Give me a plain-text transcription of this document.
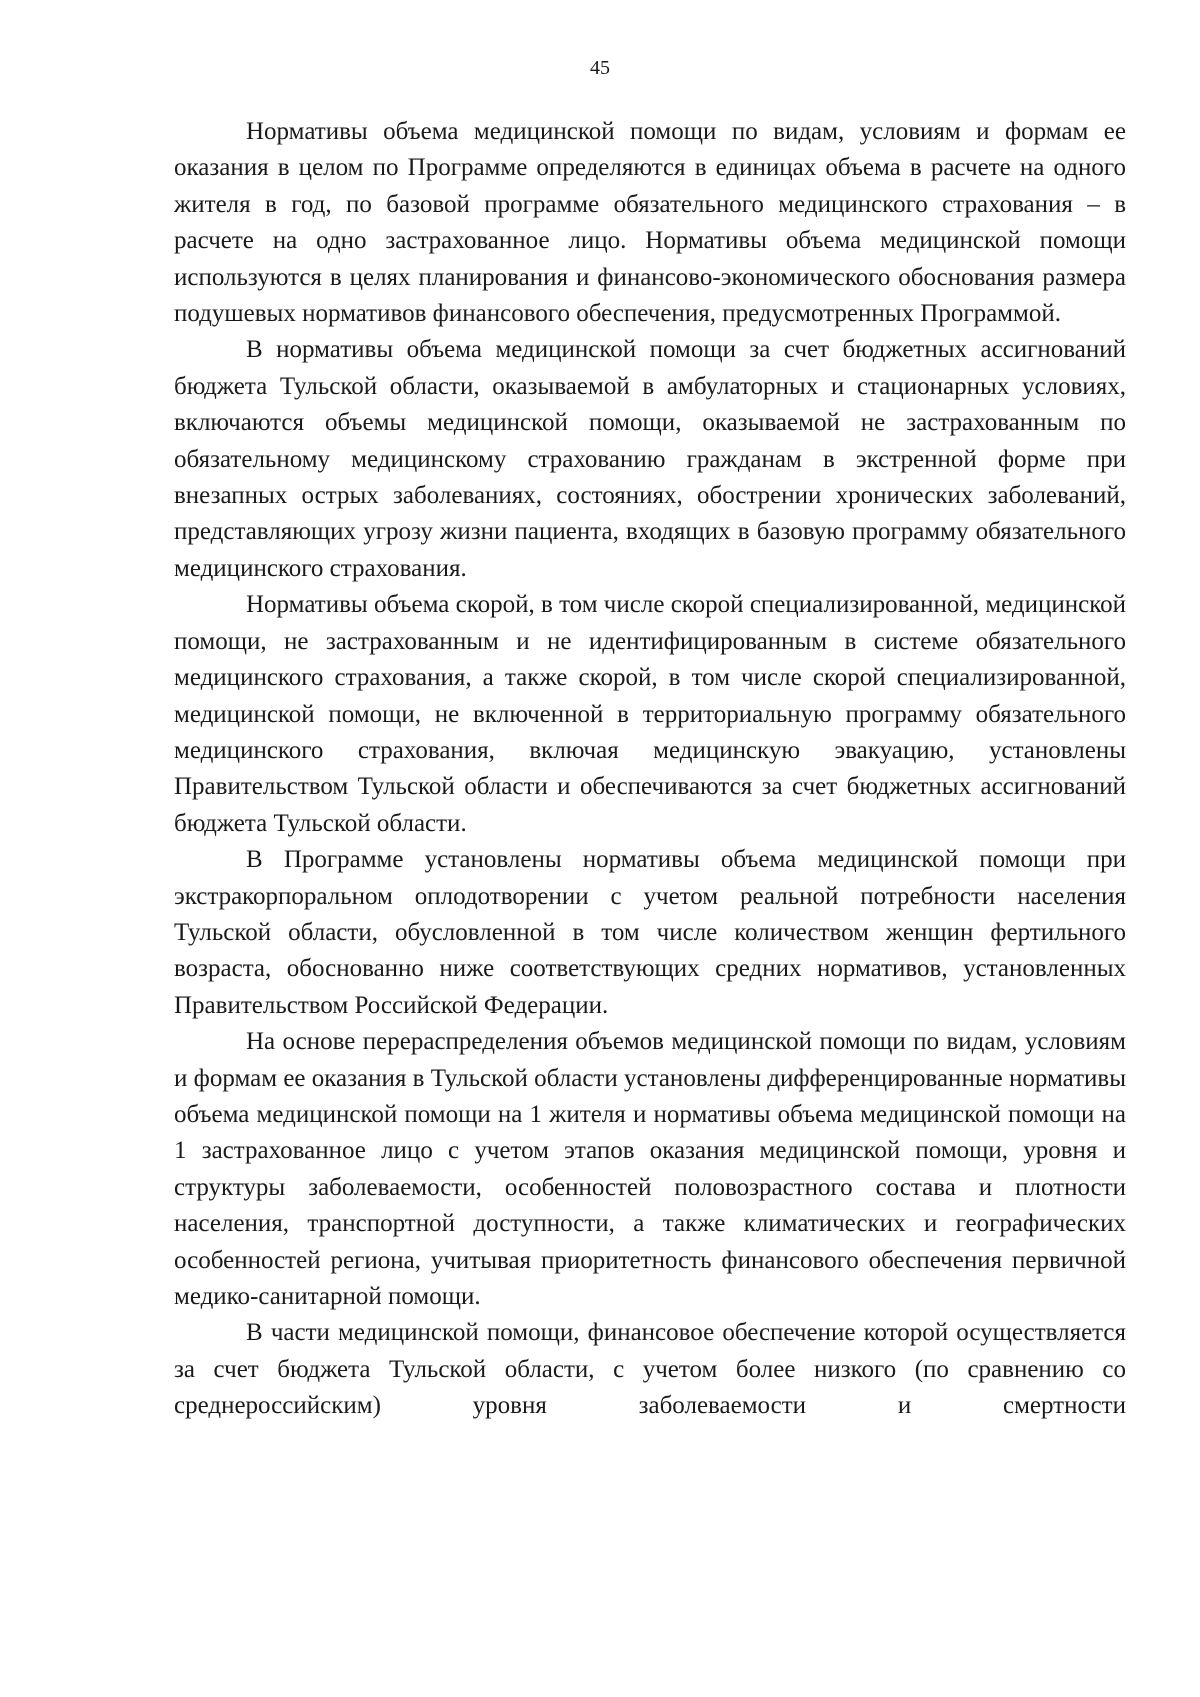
45

Нормативы объема медицинской помощи по видам, условиям и формам ее оказания в целом по Программе определяются в единицах объема в расчете на одного жителя в год, по базовой программе обязательного медицинского страхования – в расчете на одно застрахованное лицо. Нормативы объема медицинской помощи используются в целях планирования и финансово-экономического обоснования размера подушевых нормативов финансового обеспечения, предусмотренных Программой.

В нормативы объема медицинской помощи за счет бюджетных ассигнований бюджета Тульской области, оказываемой в амбулаторных и стационарных условиях, включаются объемы медицинской помощи, оказываемой не застрахованным по обязательному медицинскому страхованию гражданам в экстренной форме при внезапных острых заболеваниях, состояниях, обострении хронических заболеваний, представляющих угрозу жизни пациента, входящих в базовую программу обязательного медицинского страхования.

Нормативы объема скорой, в том числе скорой специализированной, медицинской помощи, не застрахованным и не идентифицированным в системе обязательного медицинского страхования, а также скорой, в том числе скорой специализированной, медицинской помощи, не включенной в территориальную программу обязательного медицинского страхования, включая медицинскую эвакуацию, установлены Правительством Тульской области и обеспечиваются за счет бюджетных ассигнований бюджета Тульской области.

В Программе установлены нормативы объема медицинской помощи при экстракорпоральном оплодотворении с учетом реальной потребности населения Тульской области, обусловленной в том числе количеством женщин фертильного возраста, обоснованно ниже соответствующих средних нормативов, установленных Правительством Российской Федерации.

На основе перераспределения объемов медицинской помощи по видам, условиям и формам ее оказания в Тульской области установлены дифференцированные нормативы объема медицинской помощи на 1 жителя и нормативы объема медицинской помощи на 1 застрахованное лицо с учетом этапов оказания медицинской помощи, уровня и структуры заболеваемости, особенностей половозрастного состава и плотности населения, транспортной доступности, а также климатических и географических особенностей региона, учитывая приоритетность финансового обеспечения первичной медико-санитарной помощи.

В части медицинской помощи, финансовое обеспечение которой осуществляется за счет бюджета Тульской области, с учетом более низкого (по сравнению со среднероссийским) уровня заболеваемости и смертности
